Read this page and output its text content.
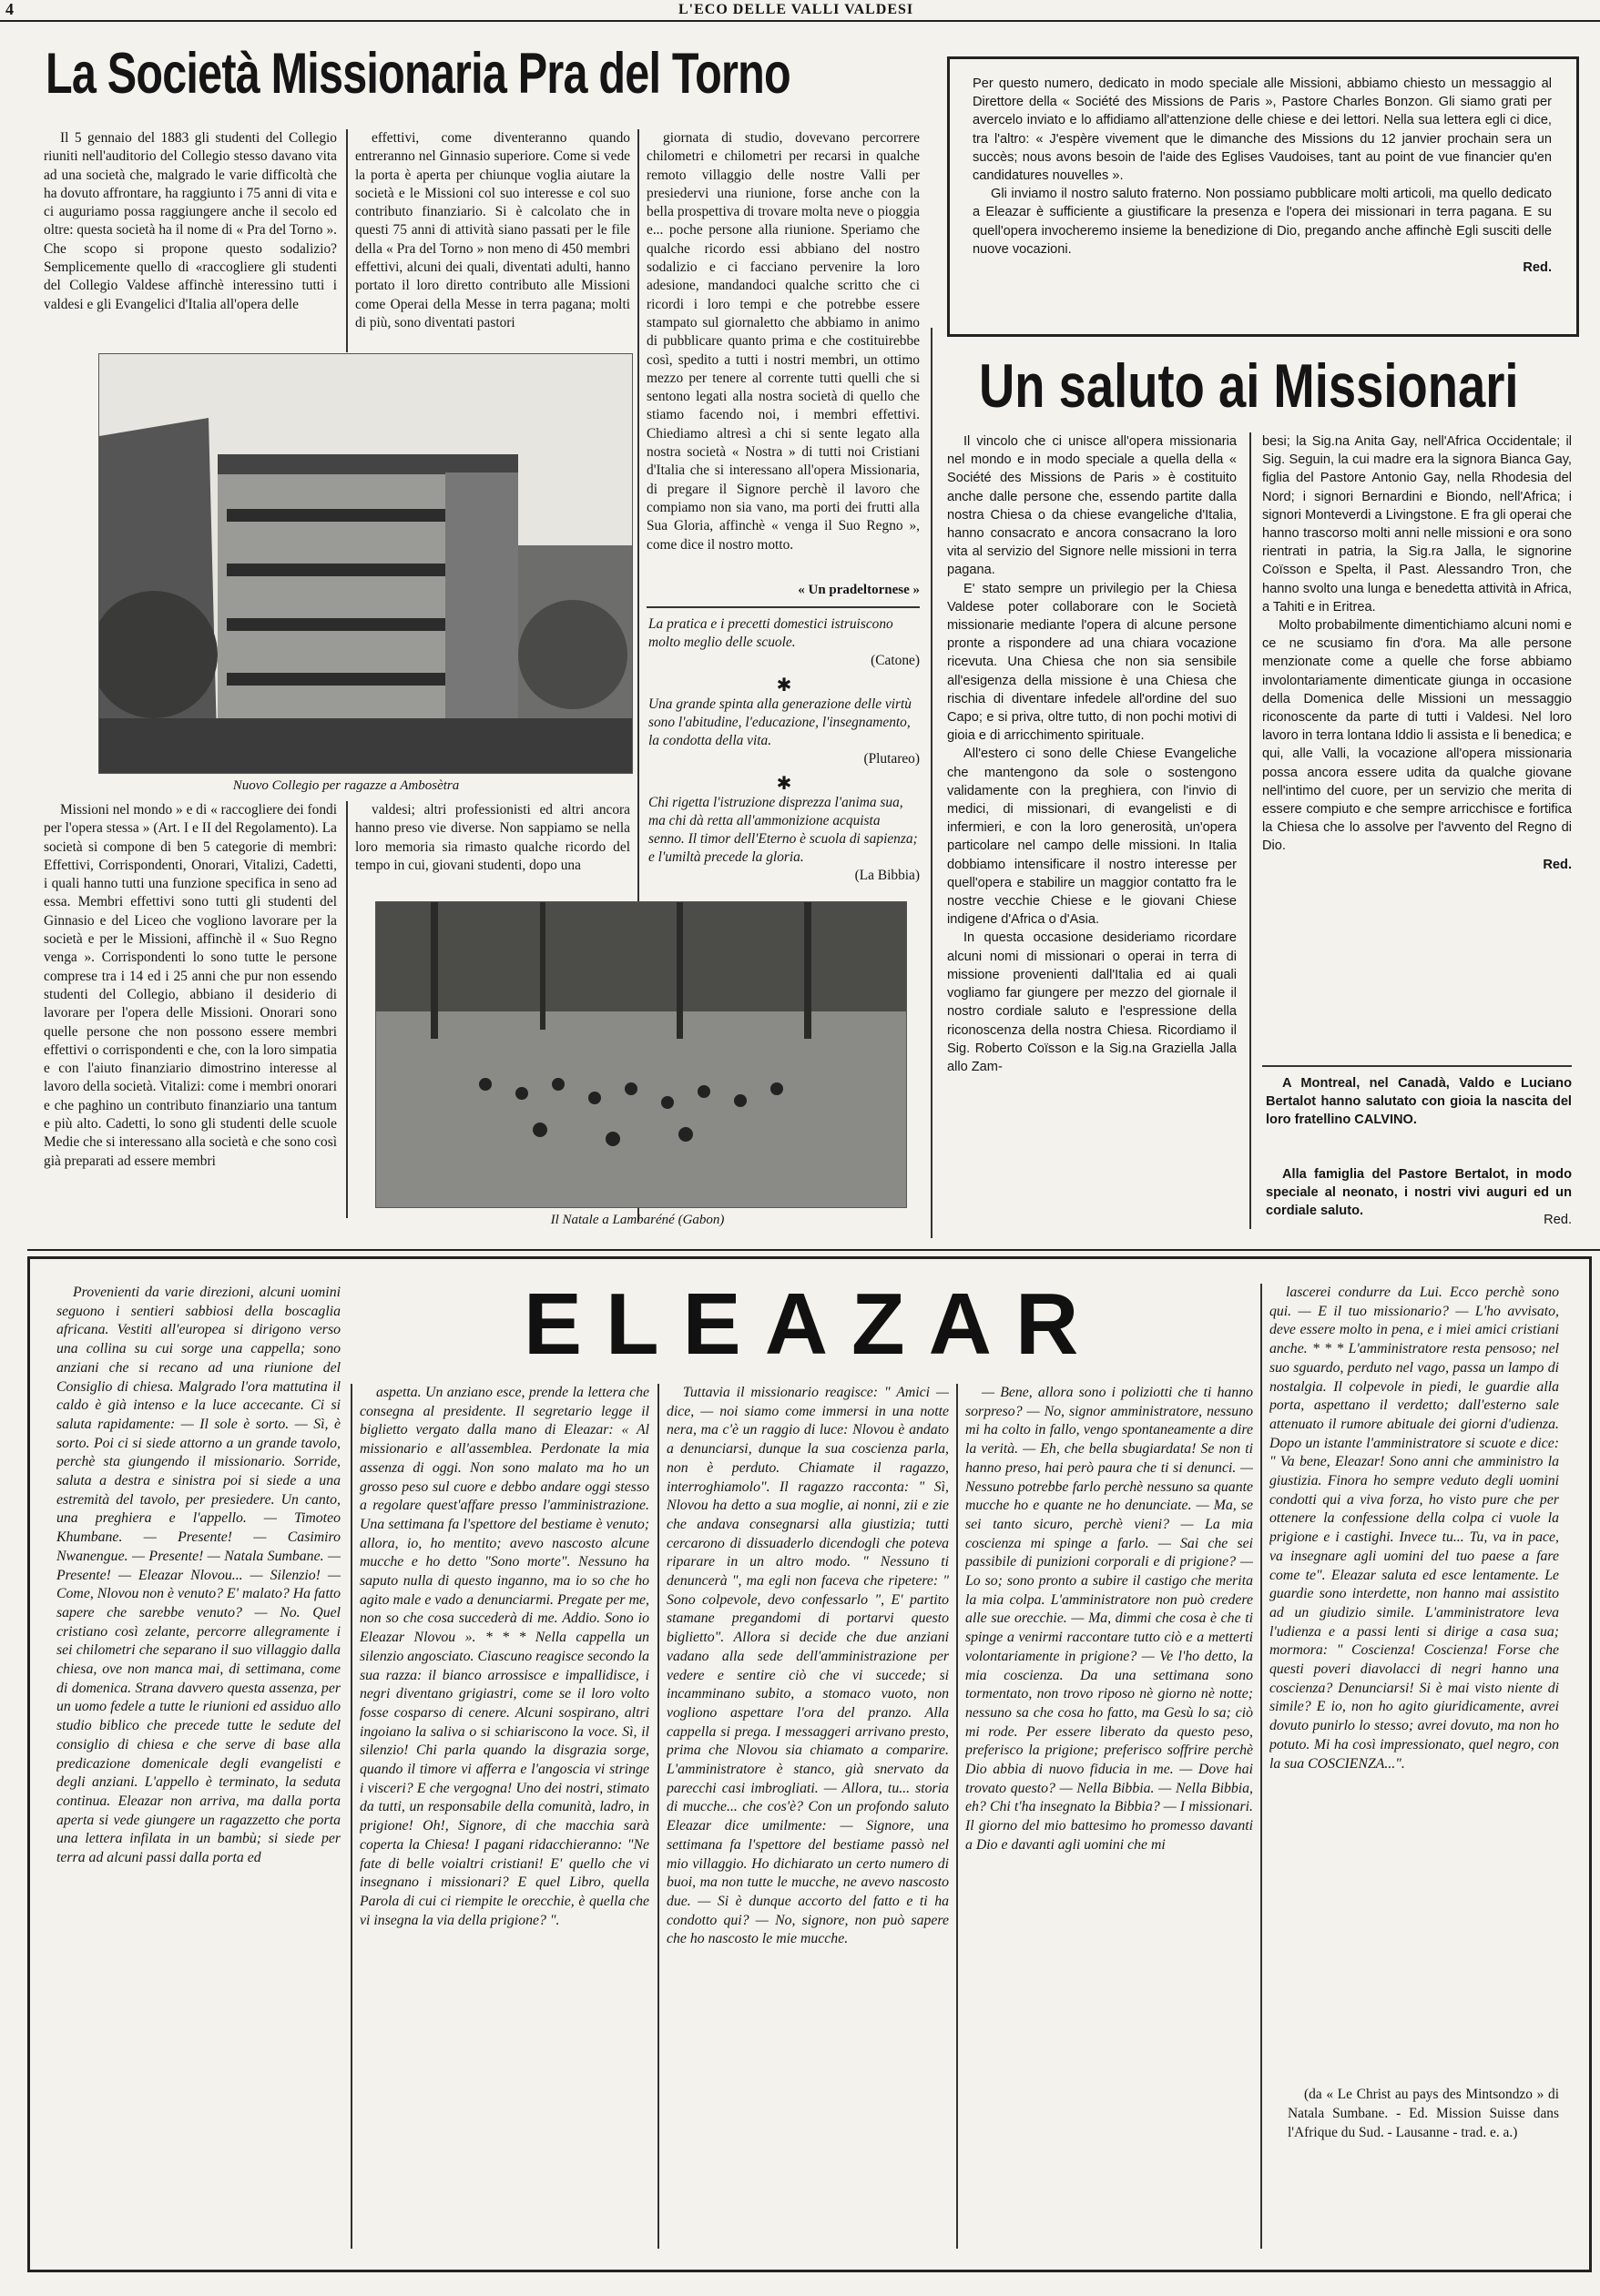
4	L'ECO DELLE VALLI VALDESI
La Società Missionaria Pra del Torno

Il 5 gennaio del 1883 gli studenti del Collegio riuniti nell'auditorio del Collegio stesso davano vita ad una società che, malgrado le varie difficoltà che ha dovuto affrontare, ha raggiunto i 75 anni di vita e ci auguriamo possa raggiungere anche il secolo ed oltre: questa società ha il nome di « Pra del Torno ». Che scopo si propone questo sodalizio? Semplicemente quello di «raccogliere gli studenti del Collegio Valdese affinchè interessino tutti i valdesi e gli Evangelici d'Italia all'opera delle

effettivi, come diventeranno quando entreranno nel Ginnasio superiore. Come si vede la porta è aperta per chiunque voglia aiutare la società e le Missioni col suo interesse e col suo contributo finanziario. Si è calcolato che in questi 75 anni di attività siano passati per le file della « Pra del Torno » non meno di 450 membri effettivi, alcuni dei quali, diventati adulti, hanno portato il loro diretto contributo alle Missioni come Operai della Messe in terra pagana; molti di più, sono diventati pastori

giornata di studio, dovevano percorrere chilometri e chilometri per recarsi in qualche remoto villaggio delle nostre Valli per presiedervi una riunione, forse anche con la bella prospettiva di trovare molta neve o pioggia e... poche persone alla riunione. Speriamo che qualche ricordo essi abbiano del nostro sodalizio e ci facciano pervenire la loro adesione, mandandoci qualche scritto che ci ricordi i loro tempi e che potrebbe essere stampato sul giornaletto che abbiamo in animo di pubblicare quanto prima e che costituirebbe così, spedito a tutti i nostri membri, un ottimo mezzo per tenere al corrente tutti quelli che si sentono legati alla nostra società di quello che stiamo facendo noi, i membri effettivi. Chiediamo altresì a chi si sente legato alla nostra società « Nostra » di tutti noi Cristiani d'Italia che si interessano all'opera Missionaria, di pregare il Signore perchè il lavoro che compiamo non sia vano, ma porti dei frutti alla Sua Gloria, affinchè « venga il Suo Regno », come dice il nostro motto.

« Un pradeltornese »
Nuovo Collegio per ragazze a Ambosètra

Missioni nel mondo » e di « raccogliere dei fondi per l'opera stessa » (Art. I e II del Regolamento). La società si compone di ben 5 categorie di membri: Effettivi, Corrispondenti, Onorari, Vitalizi, Cadetti, i quali hanno tutti una funzione specifica in seno ad essa. Membri effettivi sono tutti gli studenti del Ginnasio e del Liceo che vogliono lavorare per la società e per le Missioni, affinchè il « Suo Regno venga ». Corrispondenti lo sono tutte le persone comprese tra i 14 ed i 25 anni che pur non essendo studenti del Collegio, abbiano il desiderio di lavorare per l'opera delle Missioni. Onorari sono quelle persone che non possono essere membri effettivi o corrispondenti e che, con la loro simpatia e con l'aiuto finanziario dimostrino interesse al lavoro della società. Vitalizi: come i membri onorari e che paghino un contributo finanziario una tantum e più alto. Cadetti, lo sono gli studenti delle scuole Medie che si interessano alla società e che sono così già preparati ad essere membri

valdesi; altri professionisti ed altri ancora hanno preso vie diverse. Non sappiamo se nella loro memoria sia rimasto qualche ricordo del tempo in cui, giovani studenti, dopo una

Il Natale a Lambaréné (Gabon)

La pratica e i precetti domestici istruiscono molto meglio delle scuole.

(Catone)

✱

Una grande spinta alla generazione delle virtù sono l'abitudine, l'educazione, l'insegnamento, la condotta della vita.

(Plutareo)

✱

Chi rigetta l'istruzione disprezza l'anima sua, ma chi dà retta all'ammonizione acquista senno. Il timor dell'Eterno è scuola di sapienza; e l'umiltà precede la gloria.

(La Bibbia)

Per questo numero, dedicato in modo speciale alle Missioni, abbiamo chiesto un messaggio al Direttore della « Société des Missions de Paris », Pastore Charles Bonzon. Gli siamo grati per avercelo inviato e lo affidiamo all'attenzione delle chiese e dei lettori. Nella sua lettera egli ci dice, tra l'altro: « J'espère vivement que le dimanche des Missions du 12 janvier prochain sera un succès; nous avons besoin de l'aide des Eglises Vaudoises, tant au point de vue financier qu'en candidatures nouvelles ».
Gli inviamo il nostro saluto fraterno. Non possiamo pubblicare molti articoli, ma quello dedicato a Eleazar è sufficiente a giustificare la presenza e l'opera dei missionari in terra pagana. E su quell'opera invocheremo insieme la benedizione di Dio, pregando anche affinchè Egli susciti delle nuove vocazioni.
Red.
Un saluto ai Missionari
Il vincolo che ci unisce all'opera missionaria nel mondo e in modo speciale a quella della « Société des Missions de Paris » è costituito anche dalle persone che, essendo partite dalla nostra Chiesa o da chiese evangeliche d'Italia, hanno consacrato e ancora consacrano la loro vita al servizio del Signore nelle missioni in terra pagana.
E' stato sempre un privilegio per la Chiesa Valdese poter collaborare con le Società missionarie mediante l'opera di alcune persone pronte a rispondere ad una chiara vocazione ricevuta. Una Chiesa che non sia sensibile all'esigenza della missione è una Chiesa che rischia di diventare infedele all'ordine del suo Capo; e si priva, oltre tutto, di non pochi motivi di gioia e di arricchimento spirituale.
All'estero ci sono delle Chiese Evangeliche che mantengono da sole o sostengono validamente con la preghiera, con l'invio di medici, di missionari, di evangelisti e di infermieri, e con la loro generosità, un'opera particolare nel campo delle missioni. In Italia dobbiamo intensificare il nostro interesse per quell'opera e stabilire un maggior contatto fra le nostre vecchie Chiese e le giovani Chiese indigene d'Africa o d'Asia.
In questa occasione desideriamo ricordare alcuni nomi di missionari o operai in terra di missione provenienti dall'Italia ed ai quali vogliamo far giungere per mezzo del giornale il nostro cordiale saluto e l'espressione della riconoscenza della nostra Chiesa. Ricordiamo il Sig. Roberto Coïsson e la Sig.na Graziella Jalla allo Zam-
besi; la Sig.na Anita Gay, nell'Africa Occidentale; il Sig. Seguin, la cui madre era la signora Bianca Gay, figlia del Pastore Antonio Gay, nella Rhodesia del Nord; i signori Bernardini e Biondo, nell'Africa; i signori Monteverdi a Livingstone. E fra gli operai che hanno trascorso molti anni nelle missioni e ora sono rientrati in patria, la Sig.ra Jalla, le signorine Coïsson e Spelta, il Past. Alessandro Tron, che hanno svolto una lunga e benedetta attività in Africa, a Tahiti e in Eritrea.
Molto probabilmente dimentichiamo alcuni nomi e ce ne scusiamo fin d'ora. Ma alle persone menzionate come a quelle che forse abbiamo involontariamente dimenticate giunga in occasione della Domenica delle Missioni un messaggio riconoscente da parte di tutti i Valdesi. Nel loro lavoro in terra lontana Iddio li assista e li benedica; e qui, alle Valli, la vocazione all'opera missionaria possa ancora essere udita da qualche giovane nell'intimo del cuore, per un servizio che merita di essere compiuto e che sempre arricchisce e fortifica la Chiesa che lo assolve per l'avvento del Regno di Dio.
Red.
A Montreal, nel Canadà, Valdo e Luciano Bertalot hanno salutato con gioia la nascita del loro fratellino CALVINO.
Alla famiglia del Pastore Bertalot, in modo speciale al neonato, i nostri vivi auguri ed un cordiale saluto.
Red.
ELEAZAR

Provenienti da varie direzioni, alcuni uomini seguono i sentieri sabbiosi della boscaglia africana. Vestiti all'europea si dirigono verso una collina su cui sorge una cappella; sono anziani che si recano ad una riunione del Consiglio di chiesa. Malgrado l'ora mattutina il caldo è già intenso e la luce accecante. Ci si saluta rapidamente: — Il sole è sorto. — Sì, è sorto. Poi ci si siede attorno a un grande tavolo, perchè sta giungendo il missionario. Sorride, saluta a destra e sinistra poi si siede a una estremità del tavolo, per presiedere. Un canto, una preghiera e l'appello. — Timoteo Khumbane. — Presente! — Casimiro Nwanengue. — Presente! — Natala Sumbane. — Presente! — Eleazar Nlovou... — Silenzio! — Come, Nlovou non è venuto? E' malato? Ha fatto sapere che sarebbe venuto? — No. Quel cristiano così zelante, percorre allegramente i sei chilometri che separano il suo villaggio dalla chiesa, ove non manca mai, di settimana, come di domenica. Strana davvero questa assenza, per un uomo fedele a tutte le riunioni ed assiduo allo studio biblico che precede tutte le sedute del consiglio di chiesa e che serve di base alla predicazione domenicale degli evangelisti e degli anziani. L'appello è terminato, la seduta continua. Eleazar non arriva, ma dalla porta aperta si vede giungere un ragazzetto che porta una lettera infilata in un bambù; si siede per terra ad alcuni passi dalla porta ed

aspetta. Un anziano esce, prende la lettera che consegna al presidente. Il segretario legge il biglietto vergato dalla mano di Eleazar: « Al missionario e all'assemblea. Perdonate la mia assenza di oggi. Non sono malato ma ho un grosso peso sul cuore e debbo andare oggi stesso a regolare quest'affare presso l'amministrazione. Una settimana fa l'spettore del bestiame è venuto; allora, io, ho mentito; avevo nascosto alcune mucche e ho detto "Sono morte". Nessuno ha saputo nulla di questo inganno, ma io so che ho agito male e vado a denunciarmi. Pregate per me, non so che cosa succederà di me. Addio. Sono io Eleazar Nlovou ». * * * Nella cappella un silenzio angosciato. Ciascuno reagisce secondo la sua razza: il bianco arrossisce e impallidisce, i negri diventano grigiastri, come se il loro volto fosse cosparso di cenere. Alcuni sospirano, altri ingoiano la saliva o si schiariscono la voce. Sì, il silenzio! Chi parla quando la disgrazia sorge, quando il timore vi afferra e l'angoscia vi stringe i visceri? E che vergogna! Uno dei nostri, stimato da tutti, un responsabile della comunità, ladro, in prigione! Oh!, Signore, di che macchia sarà coperta la Chiesa! I pagani ridacchieranno: "Ne fate di belle voialtri cristiani! E' quello che vi insegnano i missionari? E quel Libro, quella Parola di cui ci riempite le orecchie, è quella che vi insegna la via della prigione? ".

Tuttavia il missionario reagisce: " Amici — dice, — noi siamo come immersi in una notte nera, ma c'è un raggio di luce: Nlovou è andato a denunciarsi, dunque la sua coscienza parla, non è perduto. Chiamate il ragazzo, interroghiamolo". Il ragazzo racconta: " Sì, Nlovou ha detto a sua moglie, ai nonni, zii e zie che andava consegnarsi alla giustizia; tutti cercarono di dissuaderlo dicendogli che poteva riparare in un altro modo. " Nessuno ti denuncerà ", ma egli non faceva che ripetere: " Sono colpevole, devo confessarlo ", E' partito stamane pregandomi di portarvi questo biglietto". Allora si decide che due anziani vadano alla sede dell'amministrazione per vedere e sentire ciò che vi succede; si incamminano subito, a stomaco vuoto, non vogliono aspettare l'ora del pranzo. Alla cappella si prega. I messaggeri arrivano presto, prima che Nlovou sia chiamato a comparire. L'amministratore è stanco, già snervato da parecchi casi imbrogliati. — Allora, tu... storia di mucche... che cos'è? Con un profondo saluto Eleazar dice umilmente: — Signore, una settimana fa l'spettore del bestiame passò nel mio villaggio. Ho dichiarato un certo numero di buoi, ma non tutte le mucche, ne avevo nascosto due. — Si è dunque accorto del fatto e ti ha condotto qui? — No, signore, non può sapere che ho nascosto le mie mucche.

— Bene, allora sono i poliziotti che ti hanno sorpreso? — No, signor amministratore, nessuno mi ha colto in fallo, vengo spontaneamente a dire la verità. — Eh, che bella sbugiardata! Se non ti hanno preso, hai però paura che ti si denunci. — Nessuno potrebbe farlo perchè nessuno sa quante mucche ho e quante ne ho denunciate. — Ma, se sei tanto sicuro, perchè vieni? — La mia coscienza mi spinge a farlo. — Sai che sei passibile di punizioni corporali e di prigione? — Lo so; sono pronto a subire il castigo che merita la mia colpa. L'amministratore non può credere alle sue orecchie. — Ma, dimmi che cosa è che ti spinge a venirmi raccontare tutto ciò e a metterti volontariamente in prigione? — Ve l'ho detto, la mia coscienza. Da una settimana sono tormentato, non trovo riposo nè giorno nè notte; nessuno sa che cosa ho fatto, ma Gesù lo sa; ciò mi rode. Per essere liberato da questo peso, preferisco la prigione; preferisco soffrire perchè Dio abbia di nuovo fiducia in me. — Dove hai trovato questo? — Nella Bibbia. — Nella Bibbia, eh? Chi t'ha insegnato la Bibbia? — I missionari. Il giorno del mio battesimo ho promesso davanti a Dio e davanti agli uomini che mi

lascerei condurre da Lui. Ecco perchè sono qui. — E il tuo missionario? — L'ho avvisato, deve essere molto in pena, e i miei amici cristiani anche. * * * L'amministratore resta pensoso; nel suo sguardo, perduto nel vago, passa un lampo di nostalgia. Il colpevole in piedi, le guardie alla porta, aspettano il verdetto; dall'esterno sale attenuato il rumore abituale dei giorni d'udienza. Dopo un istante l'amministratore si scuote e dice: " Va bene, Eleazar! Sono anni che amministro la giustizia. Finora ho sempre veduto degli uomini condotti qui a viva forza, ho visto pure che per ottenere la confessione della colpa ci vuole la prigione e i castighi. Invece tu... Tu, va in pace, va insegnare agli uomini del tuo paese a fare come te". Eleazar saluta ed esce lentamente. Le guardie sono interdette, non hanno mai assistito ad un giudizio simile. L'amministratore leva l'udienza e a passi lenti si dirige a casa sua; mormora: " Coscienza! Coscienza! Forse che questi poveri diavolacci di negri hanno una coscienza? Denunciarsi! Si è mai visto niente di simile? E io, non ho agito giuridicamente, avrei dovuto punirlo lo stesso; avrei dovuto, ma non ho potuto. Mi ha così impressionato, quel negro, con la sua COSCIENZA...".

(da « Le Christ au pays des Mintsondzo » di Natala Sumbane. - Ed. Mission Suisse dans l'Afrique du Sud. - Lausanne - trad. e. a.)
